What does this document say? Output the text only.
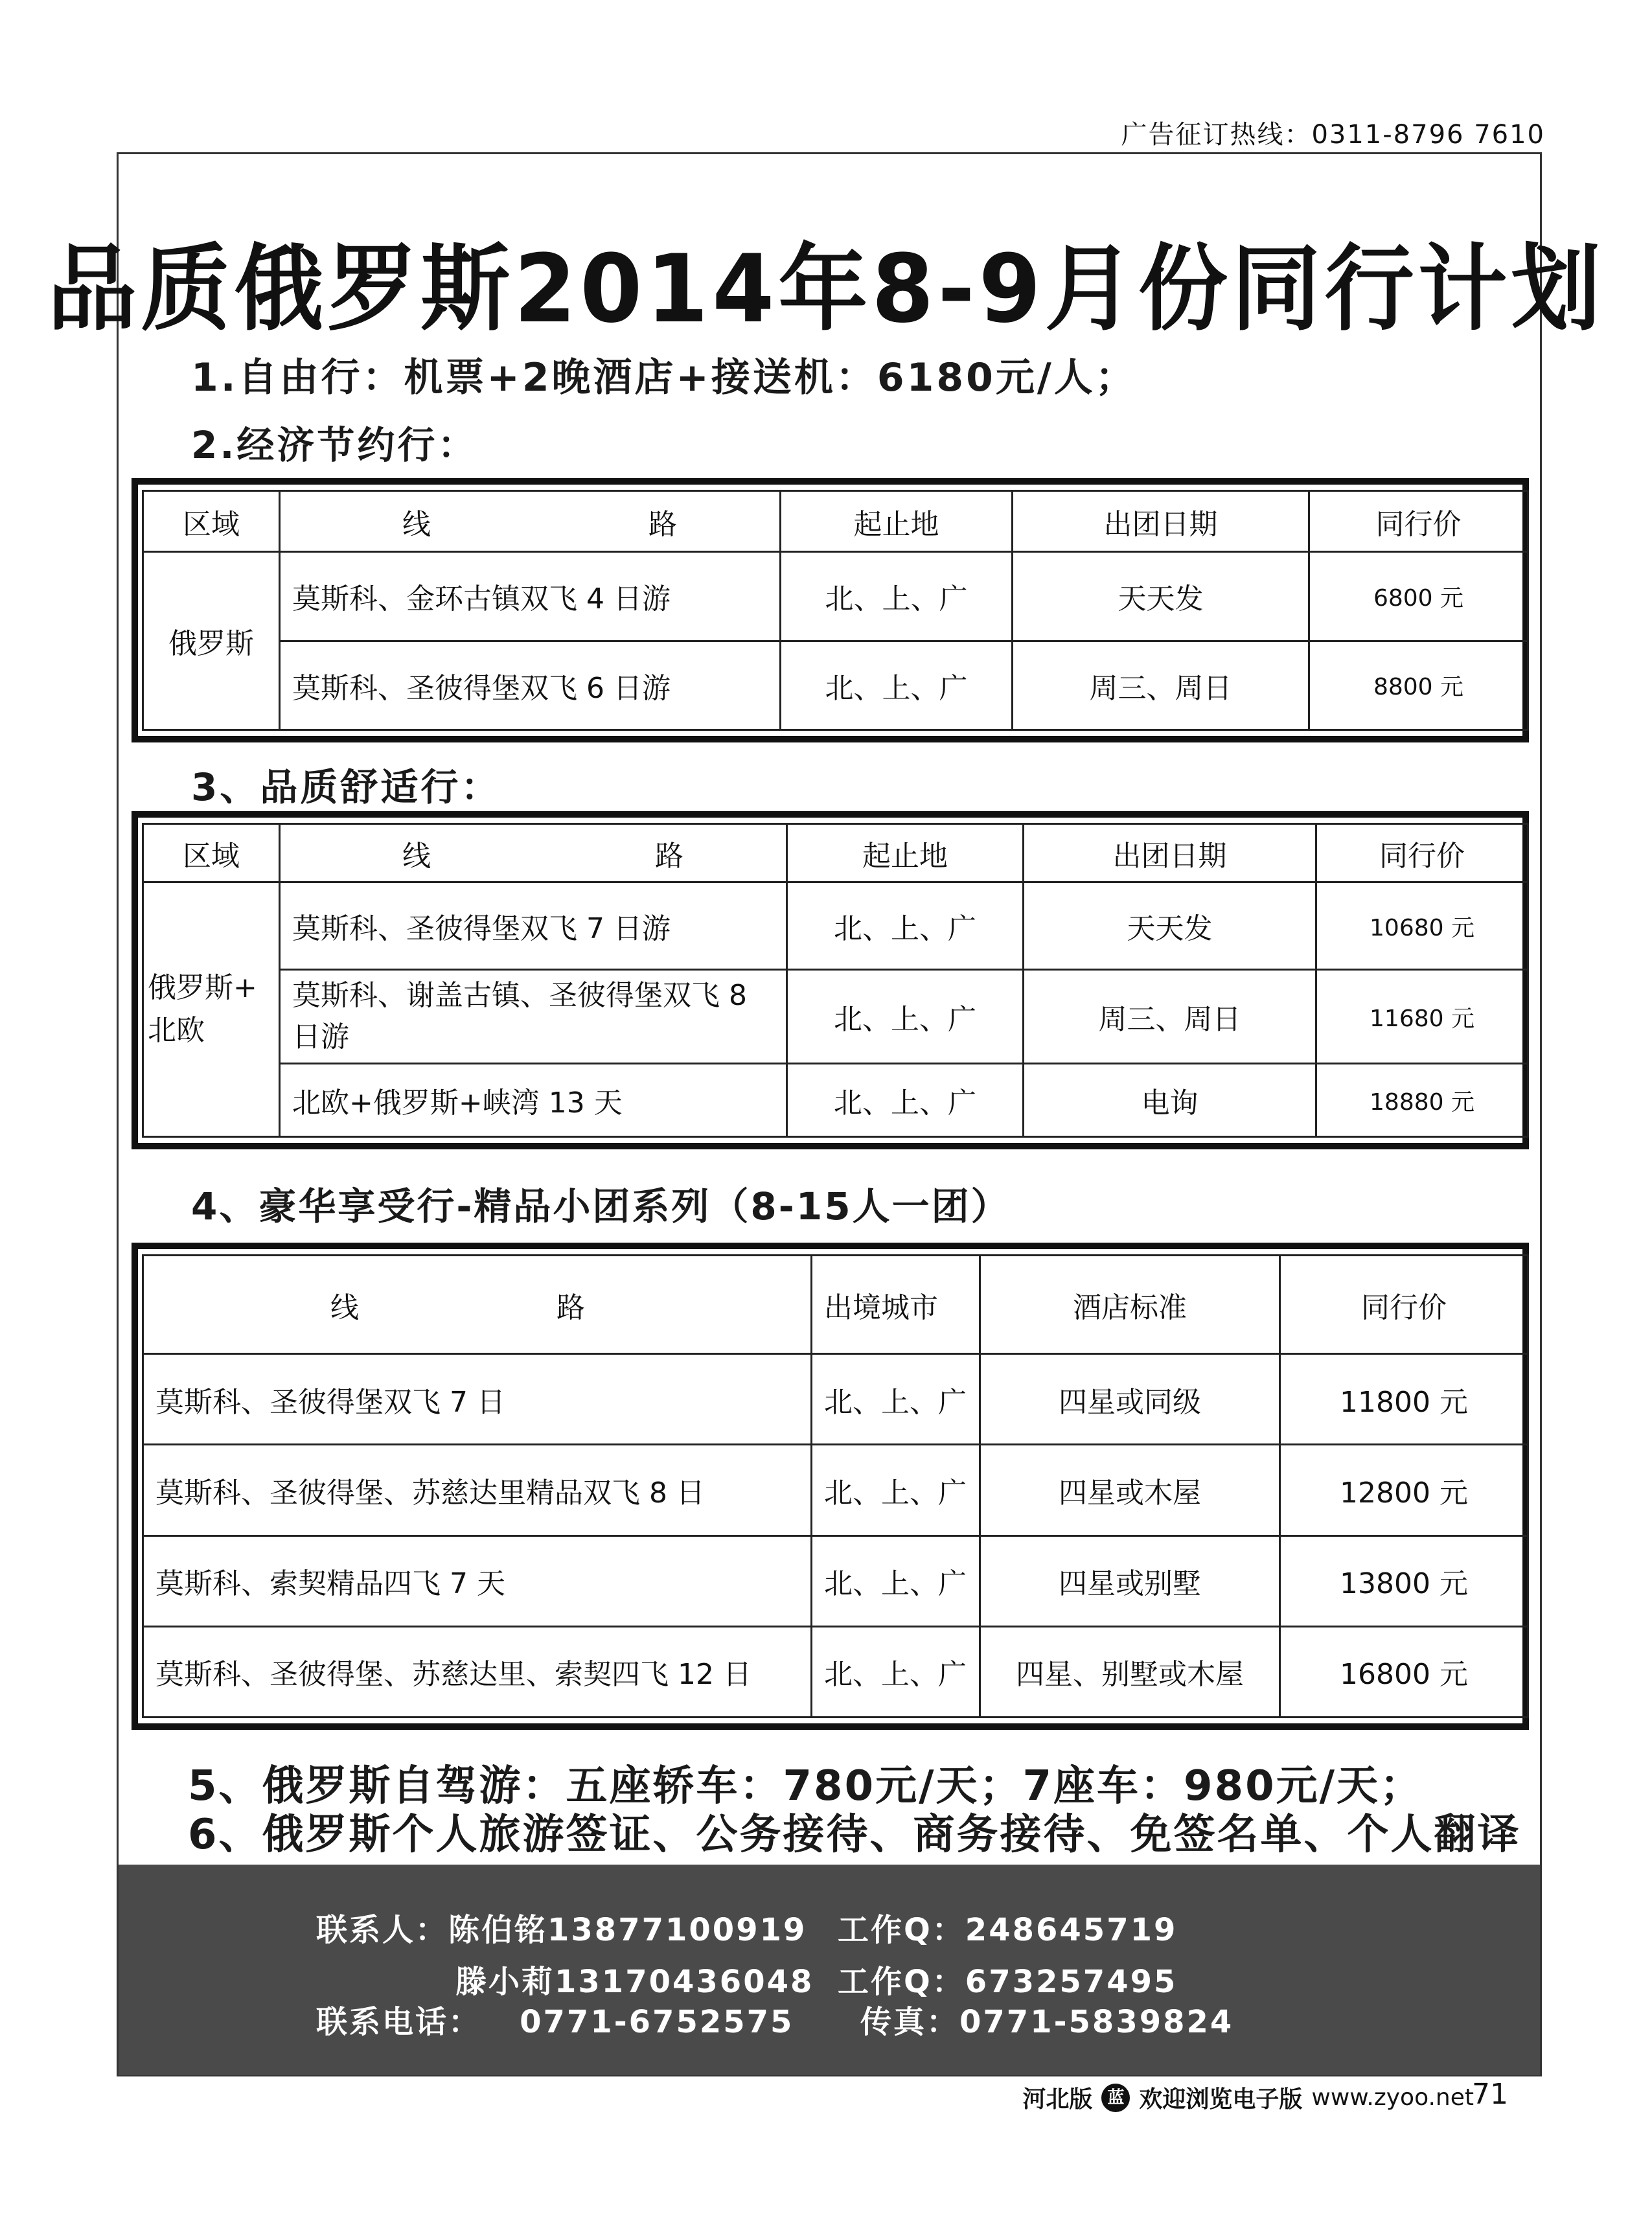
广告征订热线：0311-8796 7610
品质俄罗斯2014年8-9月份同行计划
1.自由行：机票+2晚酒店+接送机：6180元/人；
2.经济节约行：
区域	线 路	起止地	出团日期	同行价
俄罗斯	莫斯科、金环古镇双飞 4 日游	北、上、广	天天发	6800 元
	莫斯科、圣彼得堡双飞 6 日游	北、上、广	周三、周日	8800 元
3、品质舒适行：
区域	线 路	起止地	出团日期	同行价
俄罗斯+
北欧	莫斯科、圣彼得堡双飞 7 日游	北、上、广	天天发	10680 元
	莫斯科、谢盖古镇、圣彼得堡双飞 8 日游	北、上、广	周三、周日	11680 元
	北欧+俄罗斯+峡湾 13 天	北、上、广	电询	18880 元
4、豪华享受行-精品小团系列（8-15人一团）
线 路	出境城市	酒店标准	同行价
莫斯科、圣彼得堡双飞 7 日	北、上、广	四星或同级	11800 元
莫斯科、圣彼得堡、苏慈达里精品双飞 8 日	北、上、广	四星或木屋	12800 元
莫斯科、索契精品四飞 7 天	北、上、广	四星或别墅	13800 元
莫斯科、圣彼得堡、苏慈达里、索契四飞 12 日	北、上、广	四星、别墅或木屋	16800 元
5、俄罗斯自驾游：五座轿车：780元/天；7座车：980元/天；
6、俄罗斯个人旅游签证、公务接待、商务接待、免签名单、个人翻译
联系人：陈伯铭13877100919 工作Q：248645719
滕小莉13170436048 工作Q：673257495
联系电话：   0771-6752575 传真：0771-5839824
河北版 蓝 欢迎浏览电子版 www.zyoo.net
71
